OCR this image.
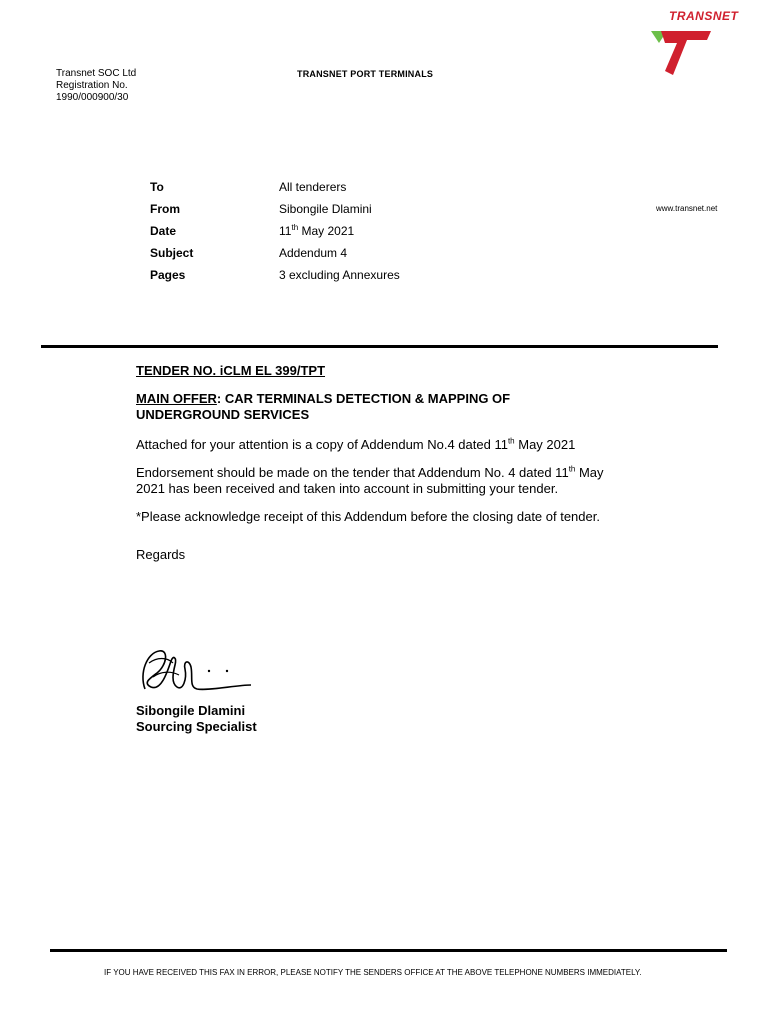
Transnet SOC Ltd
Registration No.
1990/000900/30
TRANSNET PORT TERMINALS
TRANSNET
www.transnet.net
To	All tenderers
From	Sibongile Dlamini
Date	11th May 2021
Subject	Addendum 4
Pages	3 excluding Annexures
TENDER NO. iCLM EL 399/TPT
MAIN OFFER: CAR TERMINALS DETECTION & MAPPING OF UNDERGROUND SERVICES
Attached for your attention is a copy of Addendum No.4 dated 11th May 2021
Endorsement should be made on the tender that Addendum No. 4 dated 11th May 2021 has been received and taken into account in submitting your tender.
*Please acknowledge receipt of this Addendum before the closing date of tender.
Regards
Sibongile Dlamini
Sourcing Specialist
IF YOU HAVE RECEIVED THIS FAX IN ERROR, PLEASE NOTIFY THE SENDERS OFFICE AT THE ABOVE TELEPHONE NUMBERS IMMEDIATELY.
